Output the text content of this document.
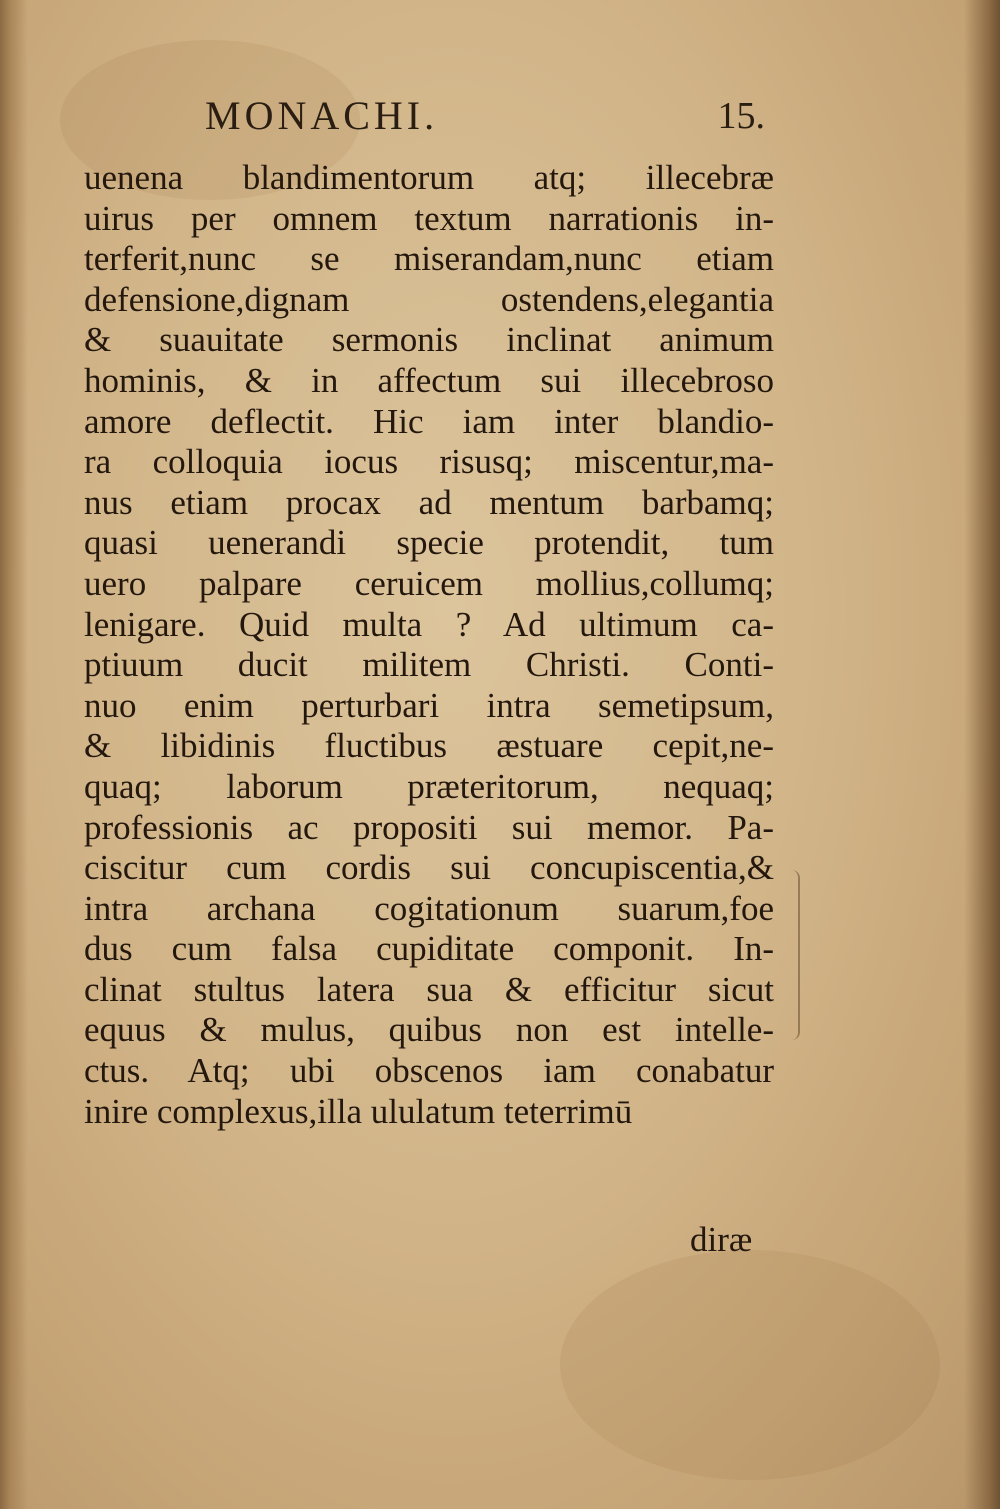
MONACHI.	15.
uenena blandimentorum atq; illecebræ
uirus per omnem textum narrationis in-
terferit,nunc se miserandam,nunc etiam
defensione,dignam ostendens,elegantia
& suauitate sermonis inclinat animum
hominis, & in affectum sui illecebroso
amore deflectit. Hic iam inter blandio-
ra colloquia iocus risusq; miscentur,ma-
nus etiam procax ad mentum barbamq;
quasi uenerandi specie protendit, tum
uero palpare ceruicem mollius,collumq;
lenigare. Quid multa ? Ad ultimum ca-
ptiuum ducit militem Christi. Conti-
nuo enim perturbari intra semetipsum,
& libidinis fluctibus æstuare cepit,ne-
quaq; laborum præteritorum, nequaq;
professionis ac propositi sui memor. Pa-
ciscitur cum cordis sui concupiscentia,&
intra archana cogitationum suarum,foe
dus cum falsa cupiditate componit. In-
clinat stultus latera sua & efficitur sicut
equus & mulus, quibus non est intelle-
ctus. Atq; ubi obscenos iam conabatur
inire complexus,illa ululatum teterrimū
diræ
